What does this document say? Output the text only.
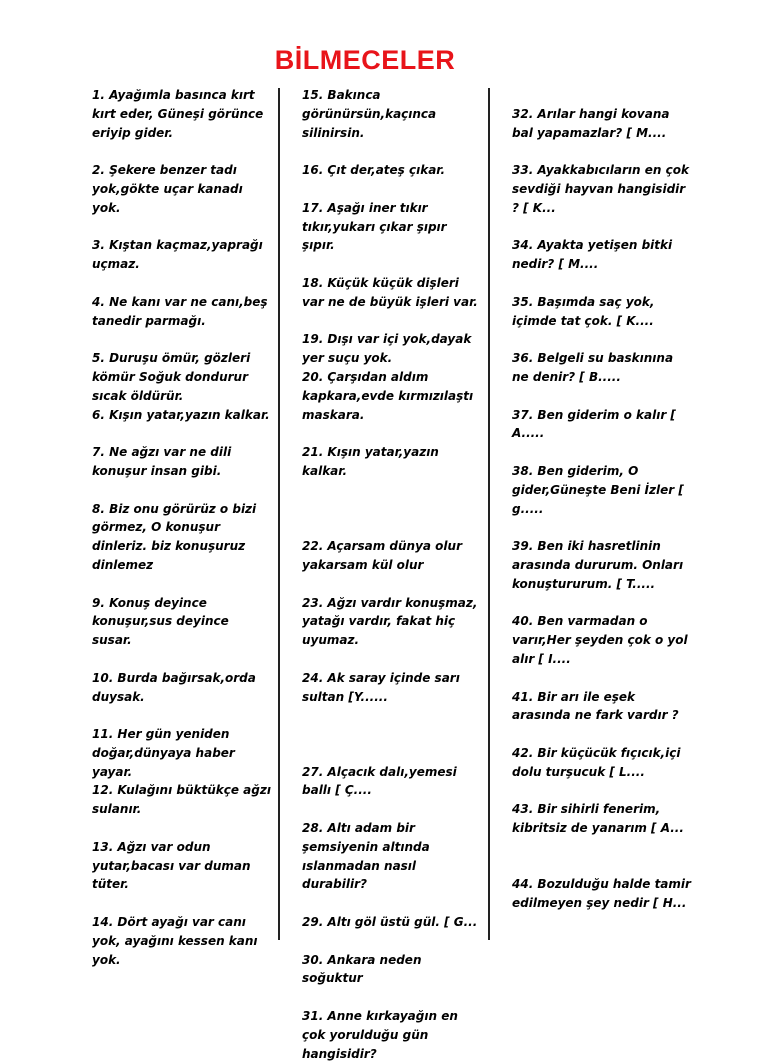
BİLMECELER
1. Ayağımla basınca kırt kırt eder, Güneşi görünce eriyip gider.
2. Şekere benzer tadı yok,gökte uçar kanadı yok.
3. Kıştan kaçmaz,yaprağı uçmaz.
4. Ne kanı var ne canı,beş tanedir parmağı.
5. Duruşu ömür, gözleri kömür Soğuk dondurur sıcak öldürür.
6. Kışın yatar,yazın kalkar.
7. Ne ağzı var ne dili konuşur insan gibi.
8. Biz onu görürüz o bizi görmez, O konuşur dinleriz. biz konuşuruz dinlemez
9. Konuş deyince konuşur,sus deyince susar.
10. Burda bağırsak,orda duysak.
11. Her gün yeniden doğar,dünyaya haber yayar.
12. Kulağını büktükçe ağzı sulanır.
13. Ağzı var odun yutar,bacası var duman tüter.
14. Dört ayağı var canı yok, ayağını kessen kanı yok.
15. Bakınca görünürsün,kaçınca silinirsin.
16. Çıt der,ateş çıkar.
17. Aşağı iner tıkır tıkır,yukarı çıkar şıpır şıpır.
18. Küçük küçük dişleri var ne de büyük işleri var.
19. Dışı var içi yok,dayak yer suçu yok.
20. Çarşıdan aldım kapkara,evde kırmızılaştı maskara.
21. Kışın yatar,yazın kalkar.
22. Açarsam dünya olur yakarsam kül olur
23. Ağzı vardır konuşmaz, yatağı vardır, fakat hiç uyumaz.
24. Ak saray içinde sarı sultan [Y......
27. Alçacık dalı,yemesi ballı [ Ç....
28. Altı adam bir şemsiyenin altında ıslanmadan nasıl durabilir?
29. Altı göl üstü gül. [ G...
30. Ankara neden soğuktur
31. Anne kırkayağın en çok yorulduğu gün hangisidir?
32. Arılar hangi kovana bal yapamazlar? [ M....
33. Ayakkabıcıların en çok sevdiği hayvan hangisidir ? [ K...
34. Ayakta yetişen bitki nedir? [ M....
35. Başımda saç yok, içimde tat çok. [ K....
36. Belgeli su baskınına ne denir? [ B.....
37. Ben giderim o kalır [ A.....
38. Ben giderim, O gider,Güneşte Beni İzler [ g.....
39. Ben iki hasretlinin arasında dururum. Onları konuştururum. [ T.....
40. Ben varmadan o varır,Her şeyden çok o yol alır [ I....
41. Bir arı ile eşek arasında ne fark vardır ?
42. Bir küçücük fıçıcık,içi dolu turşucuk [ L....
43. Bir sihirli fenerim, kibritsiz de yanarım [ A...
44. Bozulduğu halde tamir edilmeyen şey nedir [ H...
